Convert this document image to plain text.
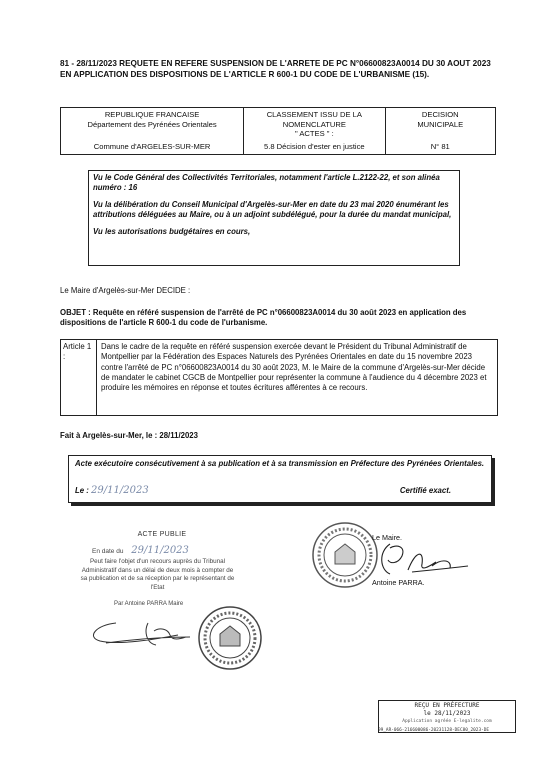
81 - 28/11/2023 REQUETE EN REFERE SUSPENSION DE L'ARRETE DE PC N°06600823A0014 DU 30 AOUT 2023 EN APPLICATION DES DISPOSITIONS DE L'ARTICLE R 600-1 DU CODE DE L'URBANISME (15).
REPUBLIQUE FRANCAISE
Département des Pyrénées Orientales
Commune d'ARGELES-SUR-MER
CLASSEMENT ISSU DE LA
NOMENCLATURE
" ACTES " :
5.8 Décision d'ester en justice
DECISION
MUNICIPALE
N° 81

Vu le Code Général des Collectivités Territoriales, notamment l'article L.2122-22, et son alinéa numéro : 16

Vu la délibération du Conseil Municipal d'Argelès-sur-Mer en date du 23 mai 2020 énumérant les attributions déléguées au Maire, ou à un adjoint subdélégué, pour la durée du mandat municipal,

Vu les autorisations budgétaires en cours,

Le Maire d'Argelès-sur-Mer DECIDE :
OBJET : Requête en référé suspension de l'arrêté de PC n°06600823A0014 du 30 août 2023 en application des dispositions de l'article R 600-1 du code de l'urbanisme.
Article 1 :
Dans le cadre de la requête en référé suspension exercée devant le Président du Tribunal Administratif de Montpellier par la Fédération des Espaces Naturels des Pyrénées Orientales en date du 15 novembre 2023 contre l'arrêté de PC n°06600823A0014 du 30 août 2023, M. le Maire de la commune d'Argelès-sur-Mer décide de mandater le cabinet CGCB de Montpellier pour représenter la commune à l'audience du 4 décembre 2023 et produire les mémoires en réponse et toutes écritures afférentes à ce recours.
Fait à Argelès-sur-Mer, le : 28/11/2023
Acte exécutoire consécutivement à sa publication et à sa transmission en Préfecture des Pyrénées Orientales.
Le : 29/11/2023	Certifié exact.
ACTE PUBLIE
En date du 29/11/2023
Peut faire l'objet d'un recours auprès du Tribunal Administratif dans un délai de deux mois à compter de sa publication et de sa réception par le représentant de l'Etat
Par Antoine PARRA Maire
Le Maire.
Antoine PARRA.
REÇU EN PRÉFECTURE
le 28/11/2023
Application agréée E-legalite.com
99_AR-066-216600086-20231128-DEC80_2023-DE
